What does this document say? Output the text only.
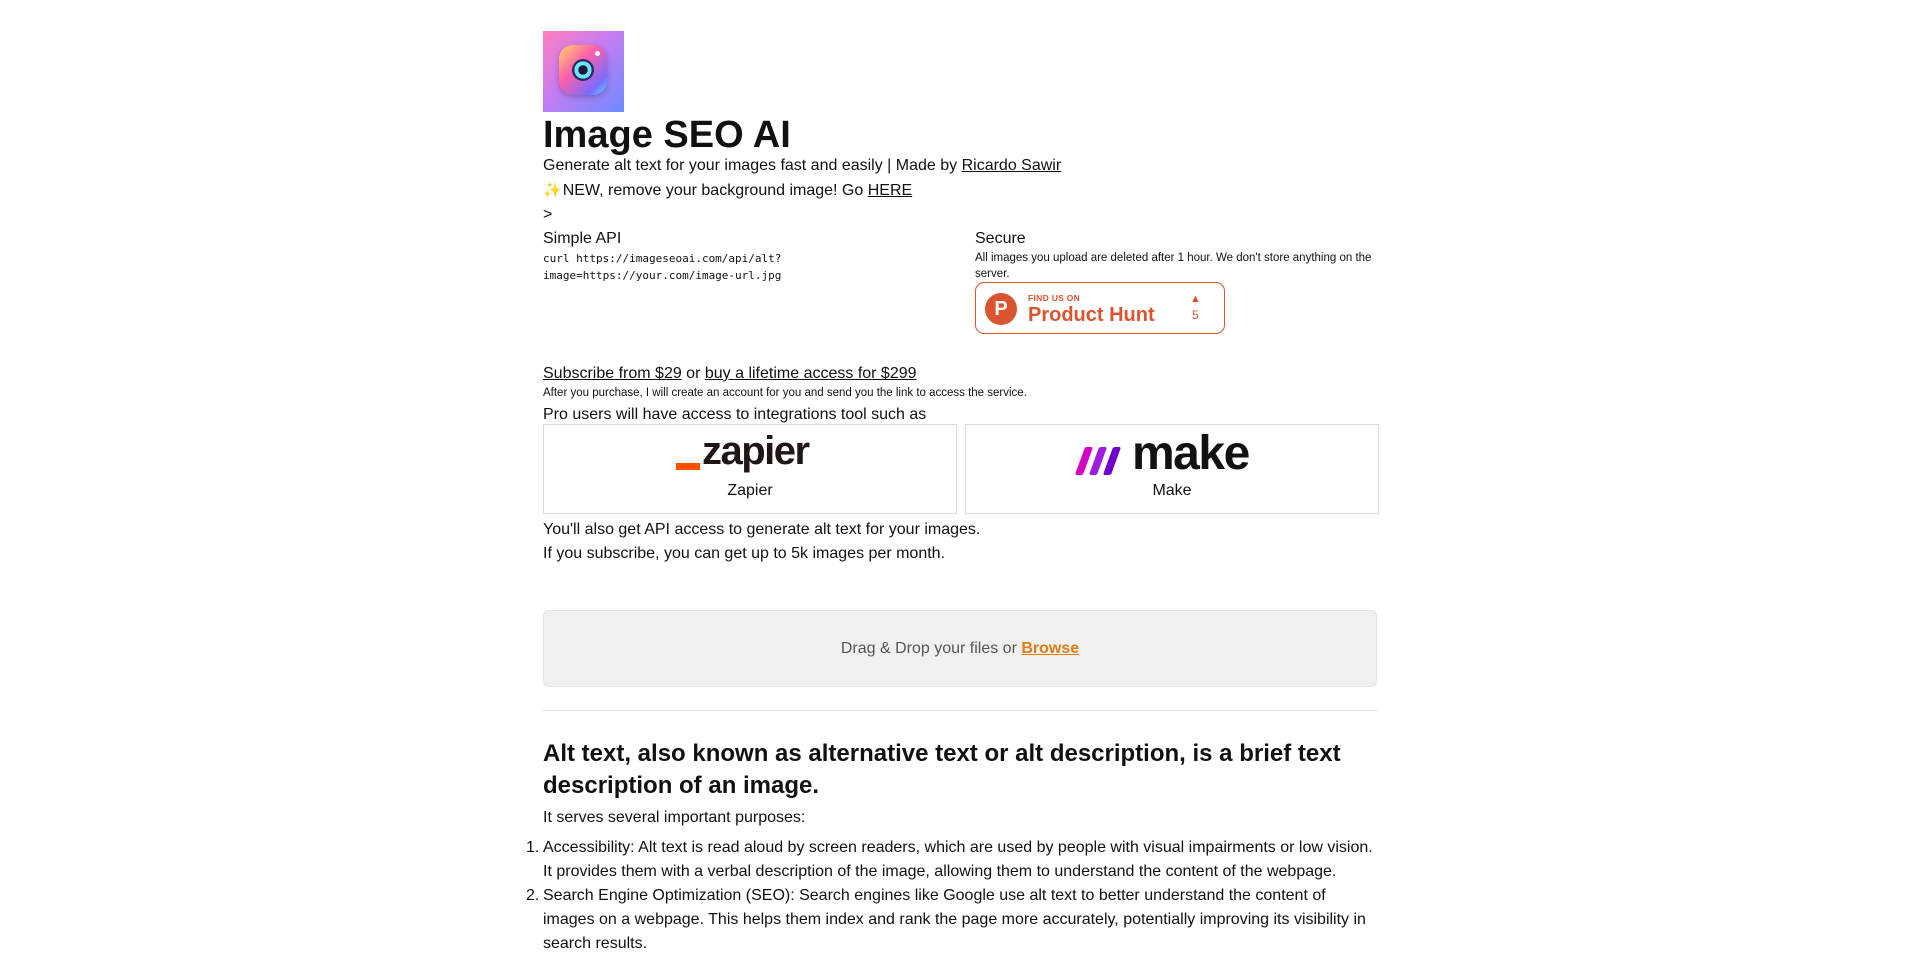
Image SEO AI
Generate alt text for your images fast and easily | Made by Ricardo Sawir
✨NEW, remove your background image! Go HERE
>
Simple API
curl https://imageseoai.com/api/alt?image=https://your.com/image-url.jpg
Secure
All images you upload are deleted after 1 hour. We don't store anything on the server.
P	FIND US ON
Product Hunt
▲
5
Subscribe from $29 or buy a lifetime access for $299
After you purchase, I will create an account for you and send you the link to access the service.
Pro users will have access to integrations tool such as
zapier
Zapier
make
Make
You'll also get API access to generate alt text for your images.
If you subscribe, you can get up to 5k images per month.
Drag & Drop your files or Browse
Alt text, also known as alternative text or alt description, is a brief text description of an image.
It serves several important purposes:
1. Accessibility: Alt text is read aloud by screen readers, which are used by people with visual impairments or low vision. It provides them with a verbal description of the image, allowing them to understand the content of the webpage.
2. Search Engine Optimization (SEO): Search engines like Google use alt text to better understand the content of images on a webpage. This helps them index and rank the page more accurately, potentially improving its visibility in search results.
